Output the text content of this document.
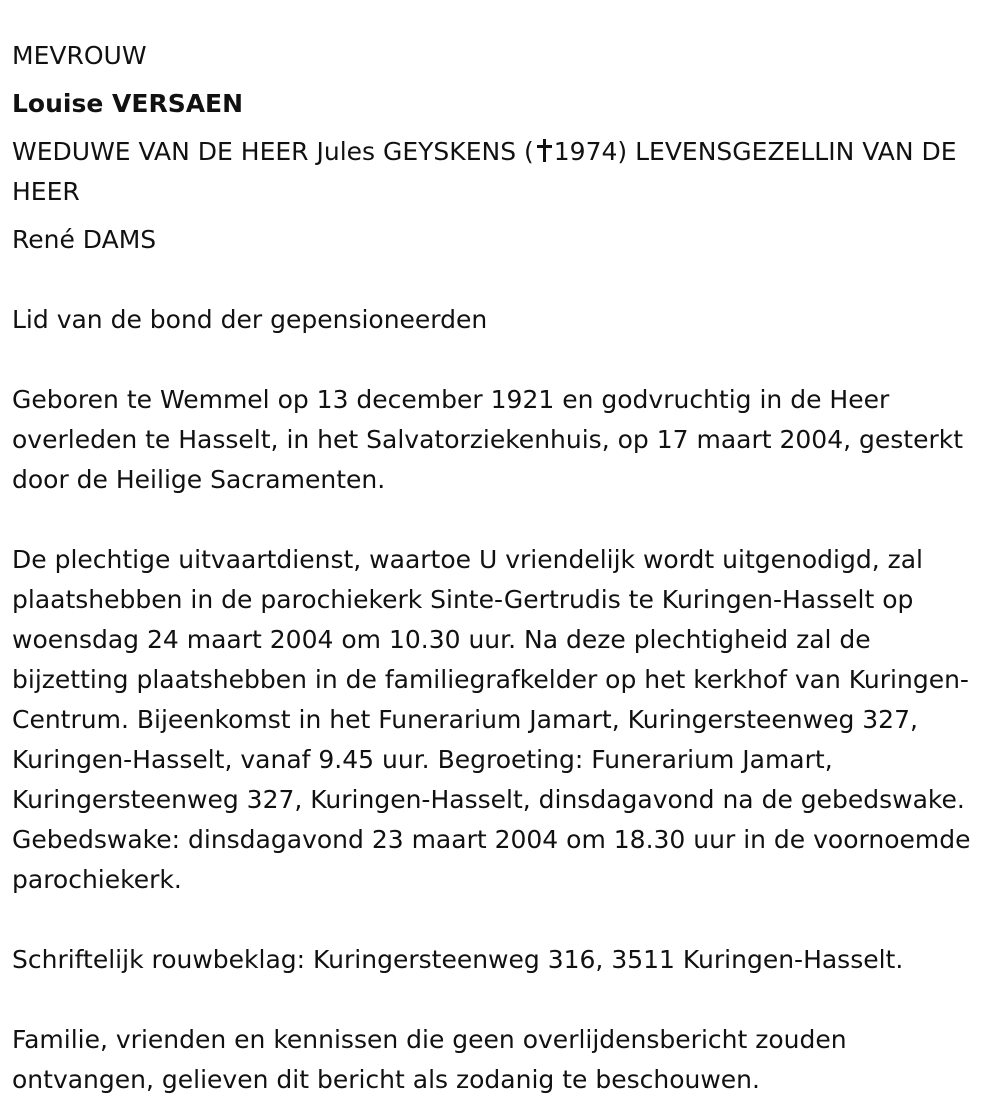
MEVROUW

Louise VERSAEN

WEDUWE VAN DE HEER Jules GEYSKENS ( 1974) LEVENSGEZELLIN VAN DE HEER

René DAMS

Lid van de bond der gepensioneerden

Geboren te Wemmel op 13 december 1921 en godvruchtig in de Heer overleden te Hasselt, in het Salvatorziekenhuis, op 17 maart 2004, gesterkt door de Heilige Sacramenten.

De plechtige uitvaartdienst, waartoe U vriendelijk wordt uitgenodigd, zal plaatshebben in de parochiekerk Sinte-Gertrudis te Kuringen-Hasselt op woensdag 24 maart 2004 om 10.30 uur. Na deze plechtigheid zal de bijzetting plaatshebben in de familiegrafkelder op het kerkhof van Kuringen-Centrum. Bijeenkomst in het Funerarium Jamart, Kuringersteenweg 327, Kuringen-Hasselt, vanaf 9.45 uur. Begroeting: Funerarium Jamart, Kuringersteenweg 327, Kuringen-Hasselt, dinsdagavond na de gebedswake. Gebedswake: dinsdagavond 23 maart 2004 om 18.30 uur in de voornoemde parochiekerk.

Schriftelijk rouwbeklag: Kuringersteenweg 316, 3511 Kuringen-Hasselt.

Familie, vrienden en kennissen die geen overlijdensbericht zouden ontvangen, gelieven dit bericht als zodanig te beschouwen.
